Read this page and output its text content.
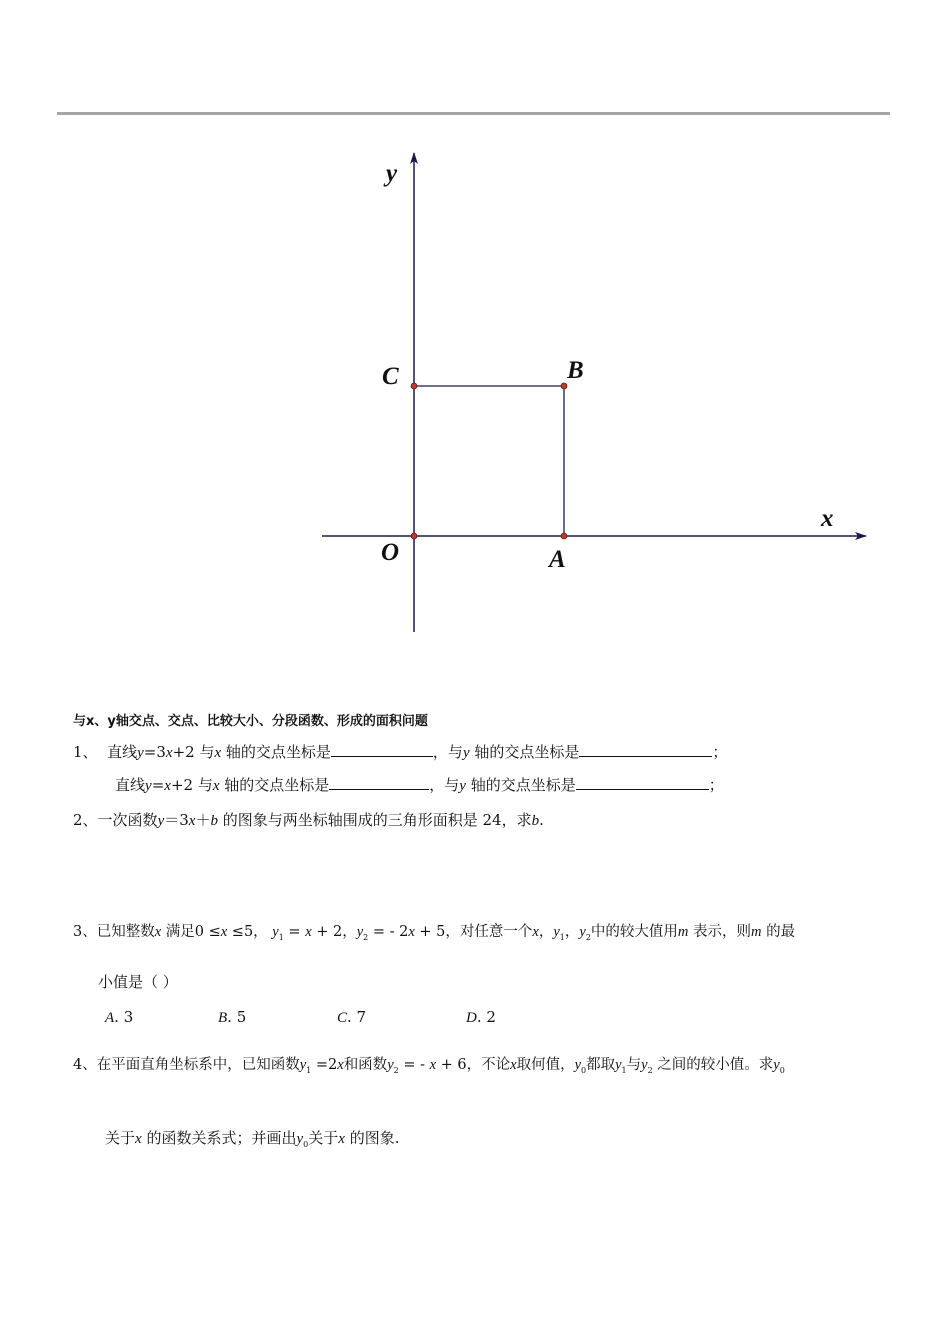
y
x
O	A
B
C
与x、y轴交点、交点、比较大小、分段函数、形成的面积问题
1、 直线y=3x+2 与x 轴的交点坐标是	，与y 轴的交点坐标是	；
直线y=x+2 与x 轴的交点坐标是	，与y 轴的交点坐标是	；
2、一次函数y＝3x＋b 的图象与两坐标轴围成的三角形面积是 24，求b.
3、已知整数x 满足0 ≤x ≤5， $y_1 = x + 2$，$y_2$ = - 2x + 5，对任意一个x，$y_1$，$y_2$中的较大值用m 表示，则m 的最
小值是（ ）
A. 3	B. 5	C. 7	D. 2
4、在平面直角坐标系中，已知函数$y_1 =2x$和函数$y_2$ = - x + 6，不论x取何值，$y_0$都取$y_1$与$y_2$ 之间的较小值。求$y_0$
关于x 的函数关系式；并画出$y_0$关于x 的图象.
